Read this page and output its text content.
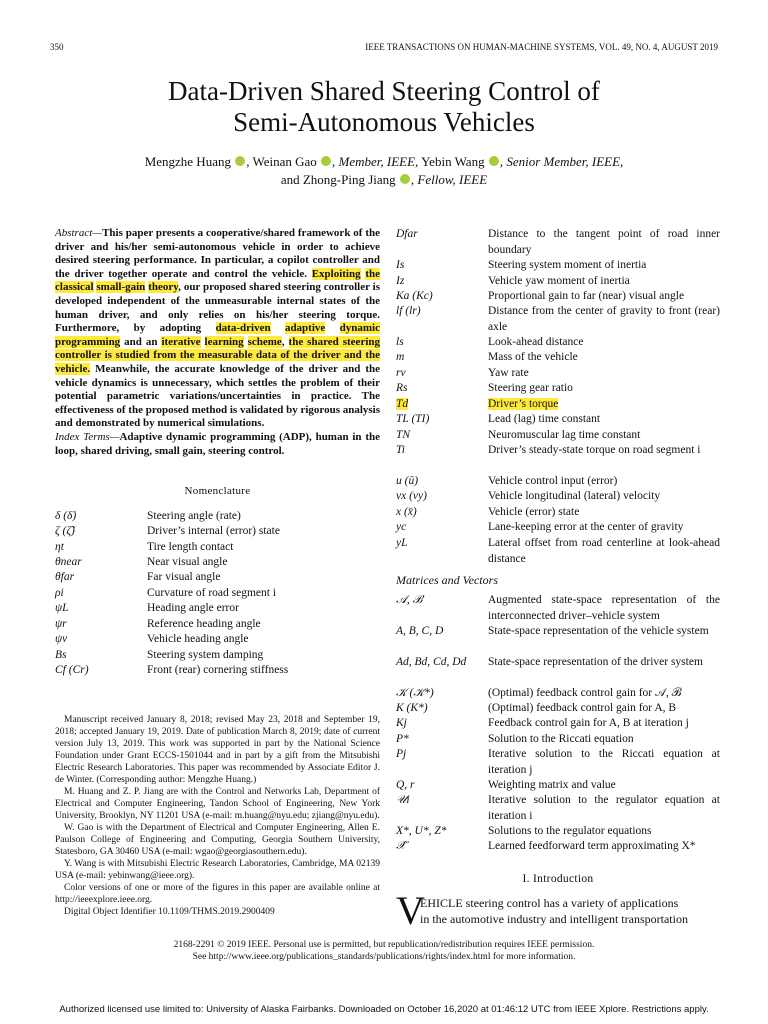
350	IEEE TRANSACTIONS ON HUMAN-MACHINE SYSTEMS, VOL. 49, NO. 4, AUGUST 2019
Data-Driven Shared Steering Control of
Semi-Autonomous Vehicles
Mengzhe Huang , Weinan Gao , Member, IEEE, Yebin Wang , Senior Member, IEEE,
and Zhong-Ping Jiang , Fellow, IEEE
Abstract—This paper presents a cooperative/shared framework of the driver and his/her semi-autonomous vehicle in order to achieve desired steering performance. In particular, a copilot controller and the driver together operate and control the vehicle. Exploiting the classical small-gain theory, our proposed shared steering controller is developed independent of the unmeasurable internal states of the human driver, and only relies on his/her steering torque. Furthermore, by adopting data-driven adaptive dynamic programming and an iterative learning scheme, the shared steering controller is studied from the measurable data of the driver and the vehicle. Meanwhile, the accurate knowledge of the driver and the vehicle dynamics is unnecessary, which settles the problem of their potential parametric variations/uncertainties in practice. The effectiveness of the proposed method is validated by rigorous analysis and demonstrated by numerical simulations.
Index Terms—Adaptive dynamic programming (ADP), human in the loop, shared driving, small gain, steering control.
Nomenclature
δ (δ̇)	Steering angle (rate)
ζ (ζ̃)	Driver’s internal (error) state
ηt	Tire length contact
θnear	Near visual angle
θfar	Far visual angle
ρi	Curvature of road segment i
ψL	Heading angle error
ψr	Reference heading angle
ψv	Vehicle heading angle
Bs	Steering system damping
Cf (Cr)	Front (rear) cornering stiffness
Dfar	Distance to the tangent point of road inner boundary
Is	Steering system moment of inertia
Iz	Vehicle yaw moment of inertia
Ka (Kc)	Proportional gain to far (near) visual angle
lf (lr)	Distance from the center of gravity to front (rear) axle
ls	Look-ahead distance
m	Mass of the vehicle
rv	Yaw rate
Rs	Steering gear ratio
Td	Driver’s torque
TL (TI)	Lead (lag) time constant
TN	Neuromuscular lag time constant
Ti	Driver’s steady-state torque on road segment i
u (ū)	Vehicle control input (error)
vx (vy)	Vehicle longitudinal (lateral) velocity
x (x̄)	Vehicle (error) state
yc	Lane-keeping error at the center of gravity
yL	Lateral offset from road centerline at look-ahead distance
𝒜, ℬ	Augmented state-space representation of the interconnected driver–vehicle system
A, B, C, D	State-space representation of the vehicle system
Ad, Bd, Cd, Dd	State-space representation of the driver system
𝒦 (𝒦*)	(Optimal) feedback control gain for 𝒜, ℬ
K (K*)	(Optimal) feedback control gain for A, B
Kj	Feedback control gain for A, B at iteration j
P*	Solution to the Riccati equation
Pj	Iterative solution to the Riccati equation at iteration j
Q, r	Weighting matrix and value
𝒰i	Iterative solution to the regulator equation at iteration i
X*, U*, Z*	Solutions to the regulator equations
𝒳̂	Learned feedforward term approximating X*
Matrices and Vectors

Manuscript received January 8, 2018; revised May 23, 2018 and September 19, 2018; accepted January 19, 2019. Date of publication March 8, 2019; date of current version July 13, 2019. This work was supported in part by the National Science Foundation under Grant ECCS-1501044 and in part by a gift from the Mitsubishi Electric Research Laboratories. This paper was recommended by Associate Editor J. de Winter. (Corresponding author: Mengzhe Huang.)

M. Huang and Z. P. Jiang are with the Control and Networks Lab, Department of Electrical and Computer Engineering, Tandon School of Engineering, New York University, Brooklyn, NY 11201 USA (e-mail: m.huang@nyu.edu; zjiang@nyu.edu).

W. Gao is with the Department of Electrical and Computer Engineering, Allen E. Paulson College of Engineering and Computing, Georgia Southern University, Statesboro, GA 30460 USA (e-mail: wgao@georgiasouthern.edu).

Y. Wang is with Mitsubishi Electric Research Laboratories, Cambridge, MA 02139 USA (e-mail: yebinwang@ieee.org).

Color versions of one or more of the figures in this paper are available online at http://ieeexplore.ieee.org.

Digital Object Identifier 10.1109/THMS.2019.2900409

I. Introduction
V
EHICLE steering control has a variety of applications
in the automotive industry and intelligent transportation
2168-2291 © 2019 IEEE. Personal use is permitted, but republication/redistribution requires IEEE permission.
See http://www.ieee.org/publications_standards/publications/rights/index.html for more information.
Authorized licensed use limited to: University of Alaska Fairbanks. Downloaded on October 16,2020 at 01:46:12 UTC from IEEE Xplore. Restrictions apply.
